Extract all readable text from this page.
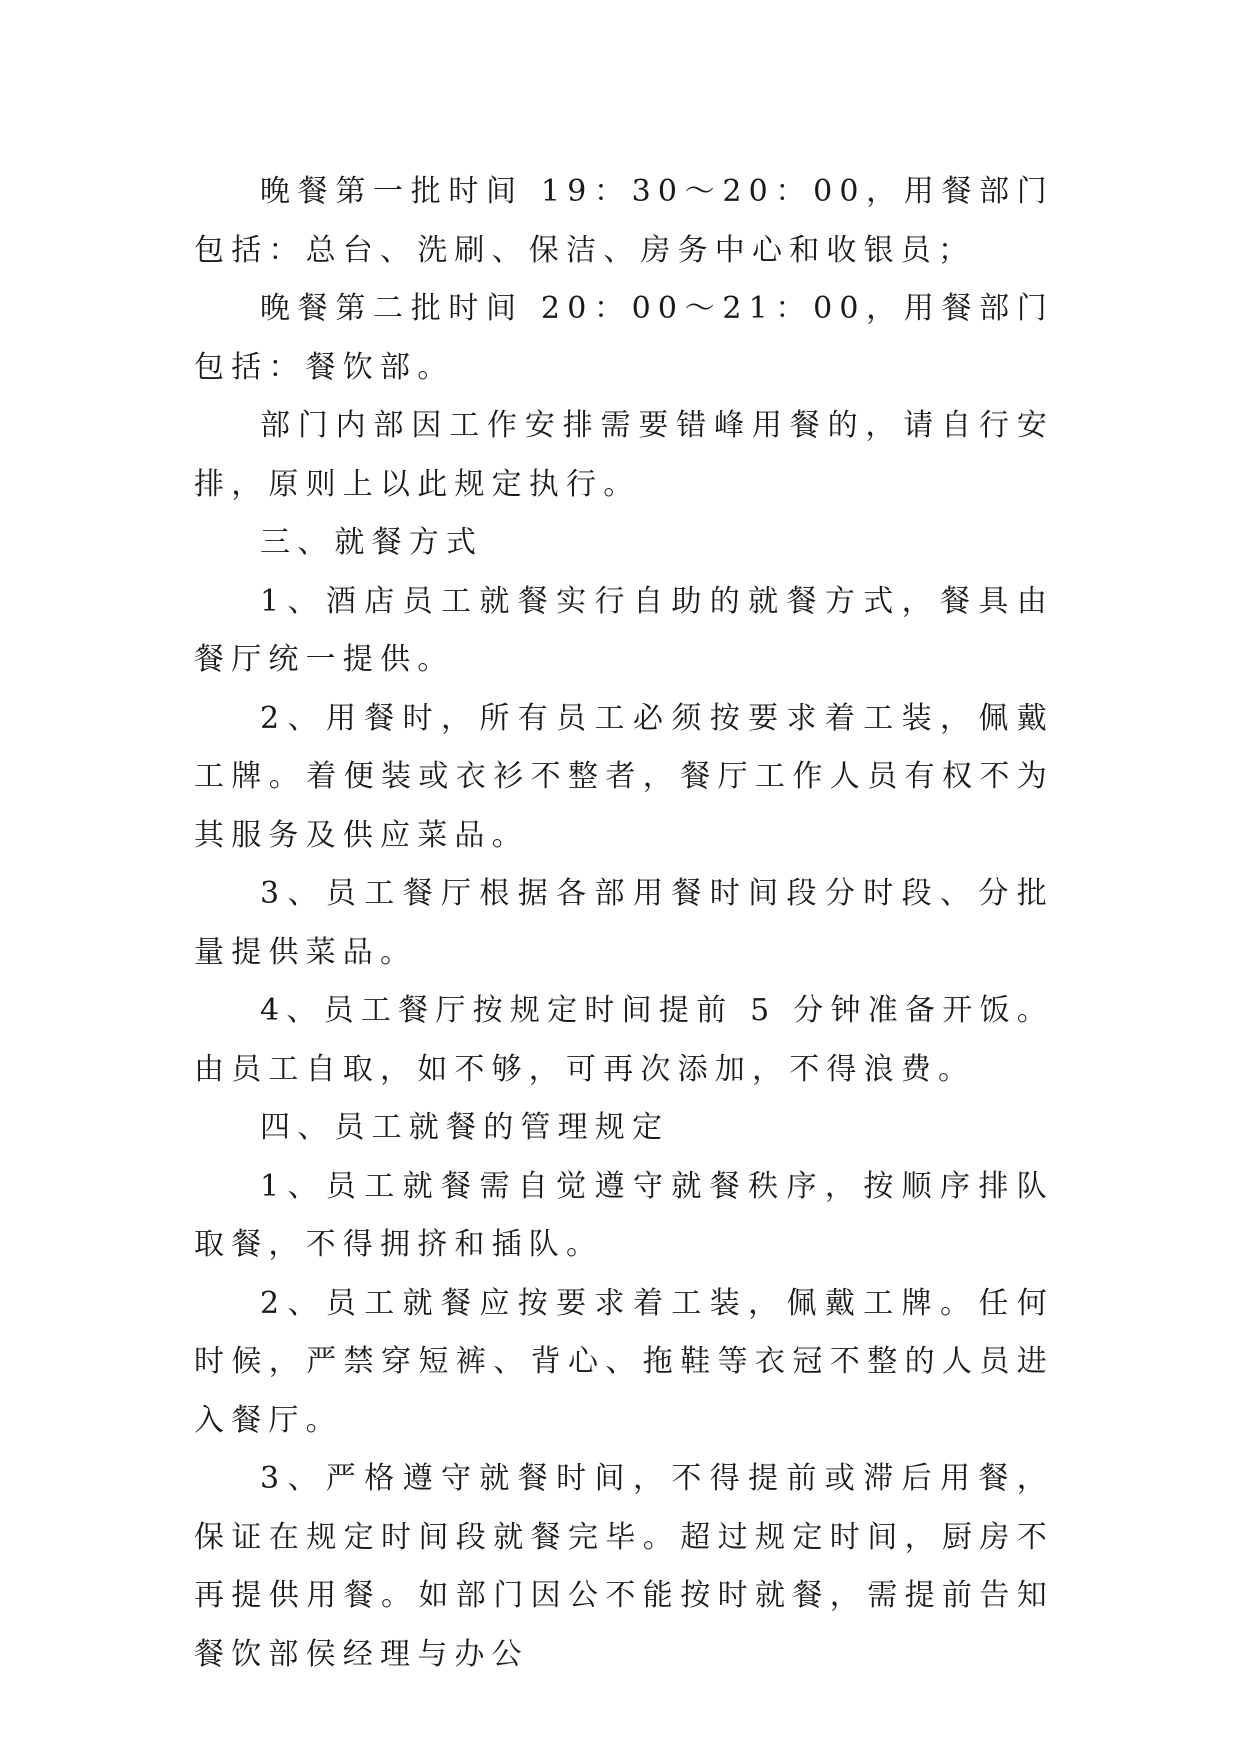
晚餐第一批时间 19：30～20：00，用餐部门包括：总台、洗刷、保洁、房务中心和收银员；

晚餐第二批时间 20：00～21：00，用餐部门包括：餐饮部。

部门内部因工作安排需要错峰用餐的，请自行安排，原则上以此规定执行。

三、就餐方式

1、酒店员工就餐实行自助的就餐方式，餐具由餐厅统一提供。

2、用餐时，所有员工必须按要求着工装，佩戴工牌。着便装或衣衫不整者，餐厅工作人员有权不为其服务及供应菜品。

3、员工餐厅根据各部用餐时间段分时段、分批量提供菜品。

4、员工餐厅按规定时间提前 5 分钟准备开饭。由员工自取，如不够，可再次添加，不得浪费。

四、员工就餐的管理规定

1、员工就餐需自觉遵守就餐秩序，按顺序排队取餐，不得拥挤和插队。

2、员工就餐应按要求着工装，佩戴工牌。任何时候，严禁穿短裤、背心、拖鞋等衣冠不整的人员进入餐厅。

3、严格遵守就餐时间，不得提前或滞后用餐，保证在规定时间段就餐完毕。超过规定时间，厨房不再提供用餐。如部门因公不能按时就餐，需提前告知餐饮部侯经理与办公
